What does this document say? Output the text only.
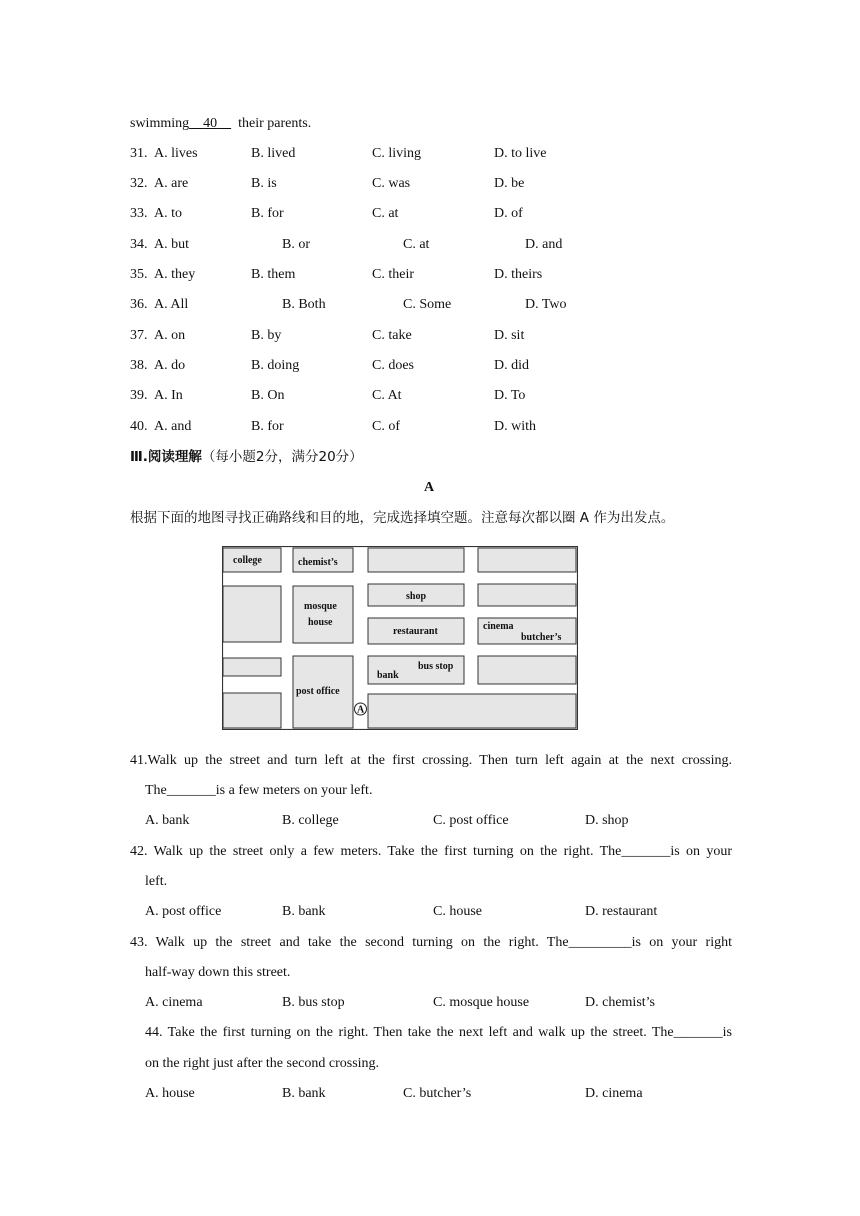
swimming 40 their parents.
31. A. lives	B. lived	C. living	D. to live
32. A. are	B. is	C. was	D. be
33. A. to	B. for	C. at	D. of
34. A. but	B. or	C. at	D. and
35. A. they	B. them	C. their	D. theirs
36. A. All	B. Both	C. Some	D. Two
37. A. on	B. by	C. take	D. sit
38. A. do	B. doing	C. does	D. did
39. A. In	B. On	C. At	D. To
40. A. and	B. for	C. of	D. with
Ⅲ.阅读理解（每小题2分，满分20分）
A
根据下面的地图寻找正确路线和目的地，完成选择填空题。注意每次都以圈 A 作为出发点。
college	chemist’s
mosque
house
shop
restaurant	cinema
butcher’s
bank
bus stop
post office
A
41.Walk up the street and turn left at the first crossing. Then turn left again at the next crossing.
The_______is a few meters on your left.
A. bank	B. college	C. post office	D. shop
42. Walk up the street only a few meters. Take the first turning on the right. The_______is on your
left.
A. post office	B. bank	C. house	D. restaurant
43. Walk up the street and take the second turning on the right. The_________is on your right
half-way down this street.
A. cinema	B. bus stop	C. mosque house	D. chemist’s
44. Take the first turning on the right. Then take the next left and walk up the street. The_______is
on the right just after the second crossing.
A. house	B. bank	C. butcher’s	D. cinema
